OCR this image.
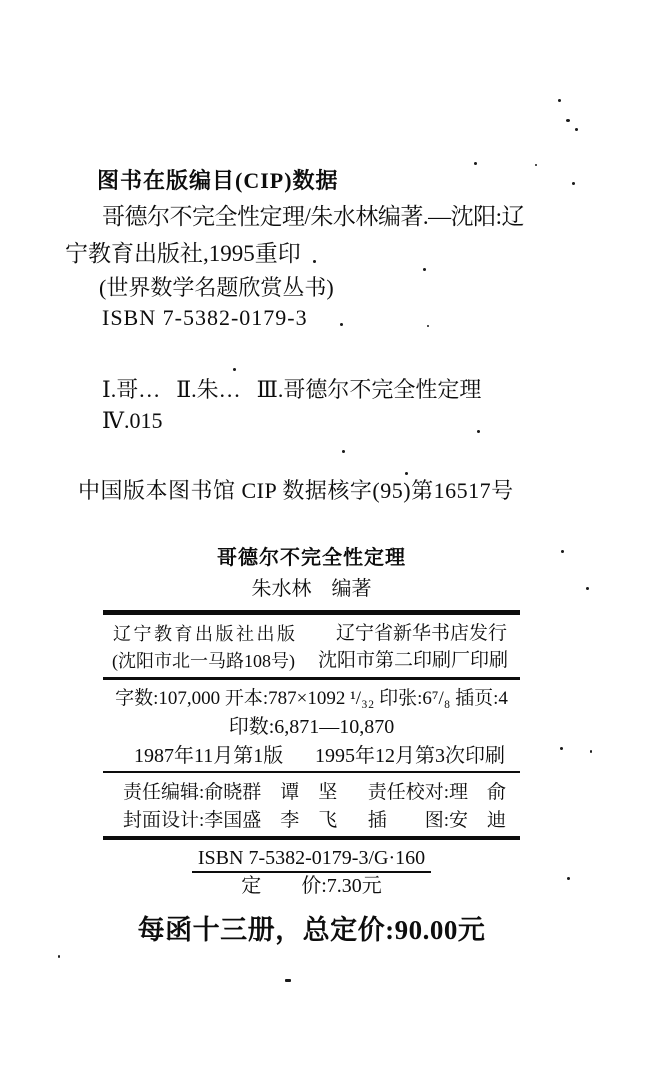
图书在版编目(CIP)数据
哥德尔不完全性定理/朱水林编著.—沈阳:辽
宁教育出版社,1995重印
(世界数学名题欣赏丛书)
ISBN 7-5382-0179-3
Ⅰ.哥… Ⅱ.朱… Ⅲ.哥德尔不完全性定理
Ⅳ.015
中国版本图书馆 CIP 数据核字(95)第16517号
哥德尔不完全性定理
朱水林　编著
辽宁教育出版社出版 辽宁省新华书店发行
(沈阳市北一马路108号) 沈阳市第二印刷厂印刷
字数:107,000 开本:787×1092 ¹/₃₂ 印张:6⁷/₈ 插页:4
印数:6,871—10,870
1987年11月第1版 1995年12月第3次印刷
责任编辑:俞晓群　谭　坚 责任校对:理　俞
封面设计:李国盛　李　飞 插　　图:安　迪
ISBN 7-5382-0179-3/G·160
定　　价:7.30元
每函十三册，总定价:90.00元
